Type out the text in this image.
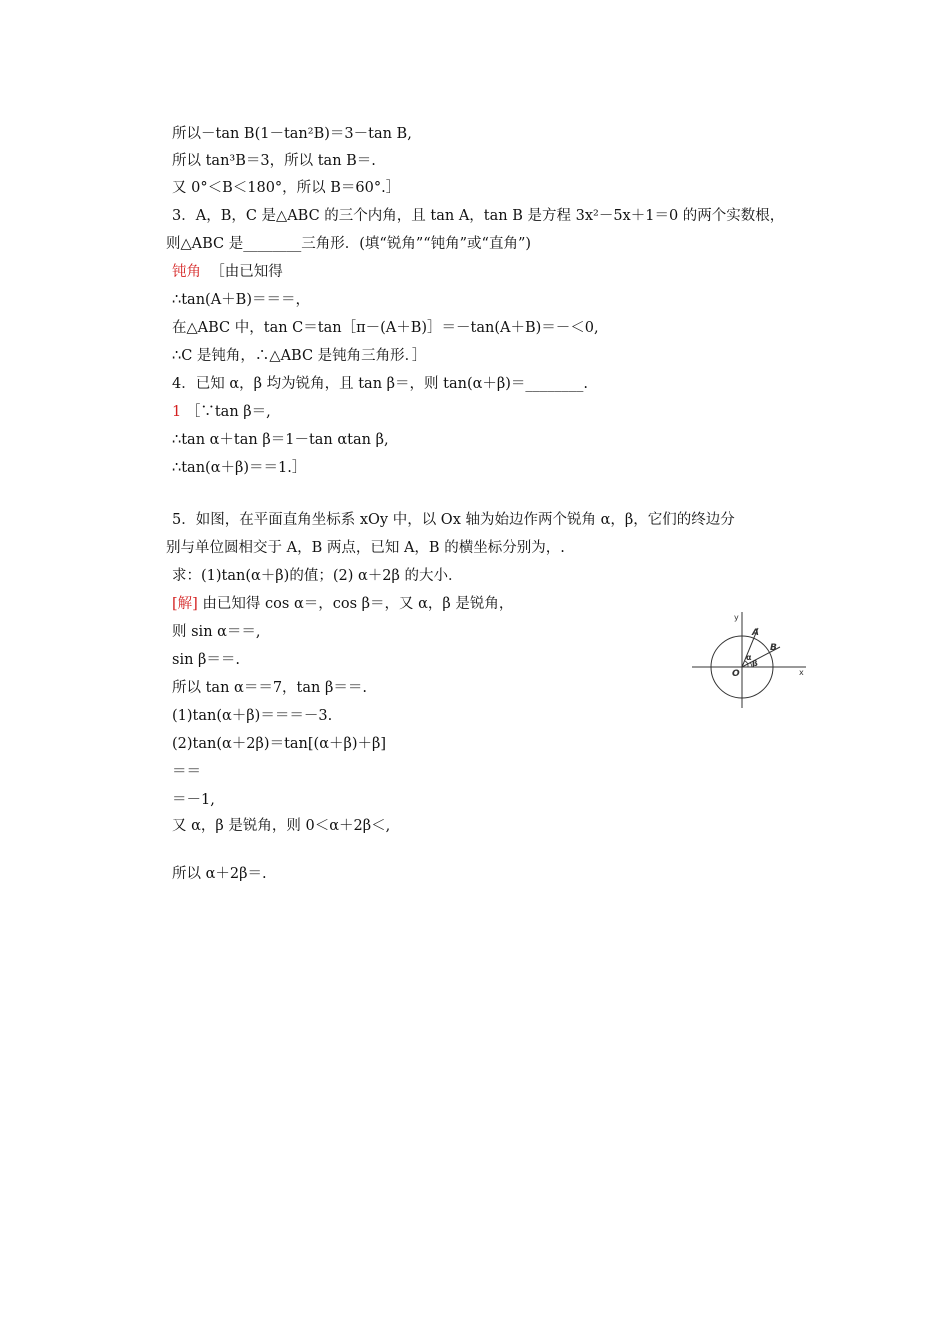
所以－tan B(1－tan²B)＝3－tan B,
所以 tan³B＝3，所以 tan B＝.
又 0°＜B＜180°，所以 B＝60°.］
3．A，B，C 是△ABC 的三个内角，且 tan A，tan B 是方程 3x²－5x＋1＝0 的两个实数根，
则△ABC 是________三角形．(填“锐角”“钝角”或“直角”)
钝角 ［由已知得
∴tan(A＋B)＝＝＝，
在△ABC 中，tan C＝tan［π－(A＋B)］＝－tan(A＋B)＝－＜0,
∴C 是钝角，∴△ABC 是钝角三角形．］
4．已知 α，β 均为锐角，且 tan β＝，则 tan(α＋β)＝________.
1 ［∵tan β＝,
∴tan α＋tan β＝1－tan αtan β,
∴tan(α＋β)＝＝1.］
5．如图，在平面直角坐标系 xOy 中，以 Ox 轴为始边作两个锐角 α，β，它们的终边分
别与单位圆相交于 A，B 两点，已知 A，B 的横坐标分别为，.
求：(1)tan(α＋β)的值；(2) α＋2β 的大小．
[解] 由已知得 cos α＝，cos β＝，又 α，β 是锐角，
则 sin α＝＝,
sin β＝＝.
所以 tan α＝＝7，tan β＝＝.
(1)tan(α＋β)＝＝＝－3.
(2)tan(α＋2β)＝tan[(α＋β)＋β]
＝＝
＝－1,
又 α，β 是锐角，则 0＜α＋2β＜,
所以 α＋2β＝.
x
y
O
A
B
α
β
